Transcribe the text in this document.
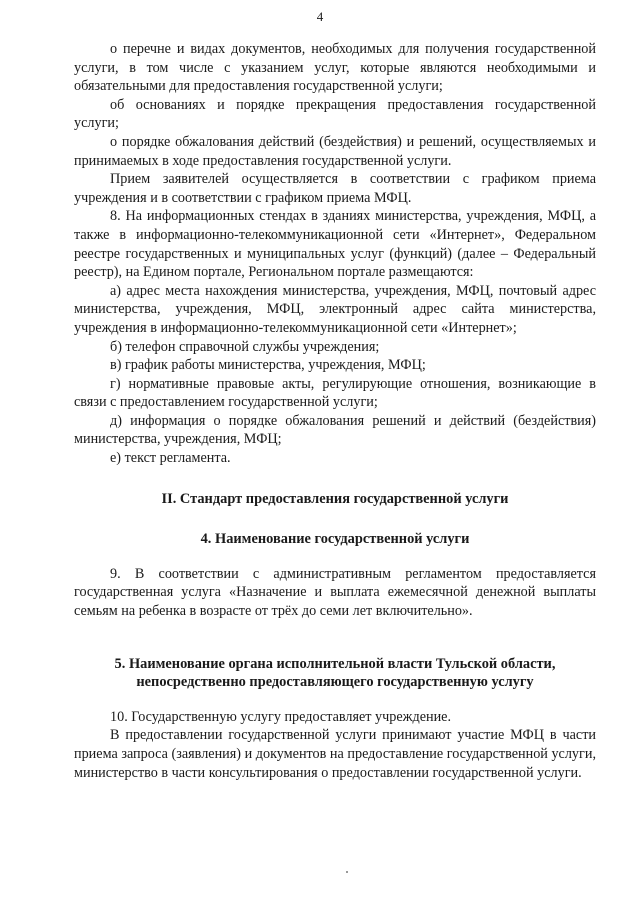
4

о перечне и видах документов, необходимых для получения государственной услуги, в том числе с указанием услуг, которые являются необходимыми и обязательными для предоставления государственной услуги;

об основаниях и порядке прекращения предоставления государственной услуги;

о порядке обжалования действий (бездействия) и решений, осуществляемых и принимаемых в ходе предоставления государственной услуги.

Прием заявителей осуществляется в соответствии с графиком приема учреждения и в соответствии с графиком приема МФЦ.

8. На информационных стендах в зданиях министерства, учреждения, МФЦ, а также в информационно-телекоммуникационной сети «Интернет», Федеральном реестре государственных и муниципальных услуг (функций) (далее – Федеральный реестр), на Едином портале, Региональном портале размещаются:

а) адрес места нахождения министерства, учреждения, МФЦ, почтовый адрес министерства, учреждения, МФЦ, электронный адрес сайта министерства, учреждения в информационно-телекоммуникационной сети «Интернет»;

б) телефон справочной службы учреждения;

в) график работы министерства, учреждения, МФЦ;

г) нормативные правовые акты, регулирующие отношения, возникающие в связи с предоставлением государственной услуги;

д) информация о порядке обжалования решений и действий (бездействия) министерства, учреждения, МФЦ;

е) текст регламента.

II. Стандарт предоставления государственной услуги

4. Наименование государственной услуги

9. В соответствии с административным регламентом предоставляется государственная услуга «Назначение и выплата ежемесячной денежной выплаты семьям на ребенка в возрасте от трёх до семи лет включительно».

5. Наименование органа исполнительной власти Тульской области,

непосредственно предоставляющего государственную услугу

10. Государственную услугу предоставляет учреждение.

В предоставлении государственной услуги принимают участие МФЦ в части приема запроса (заявления) и документов на предоставление государственной услуги, министерство в части консультирования о предоставлении государственной услуги.
